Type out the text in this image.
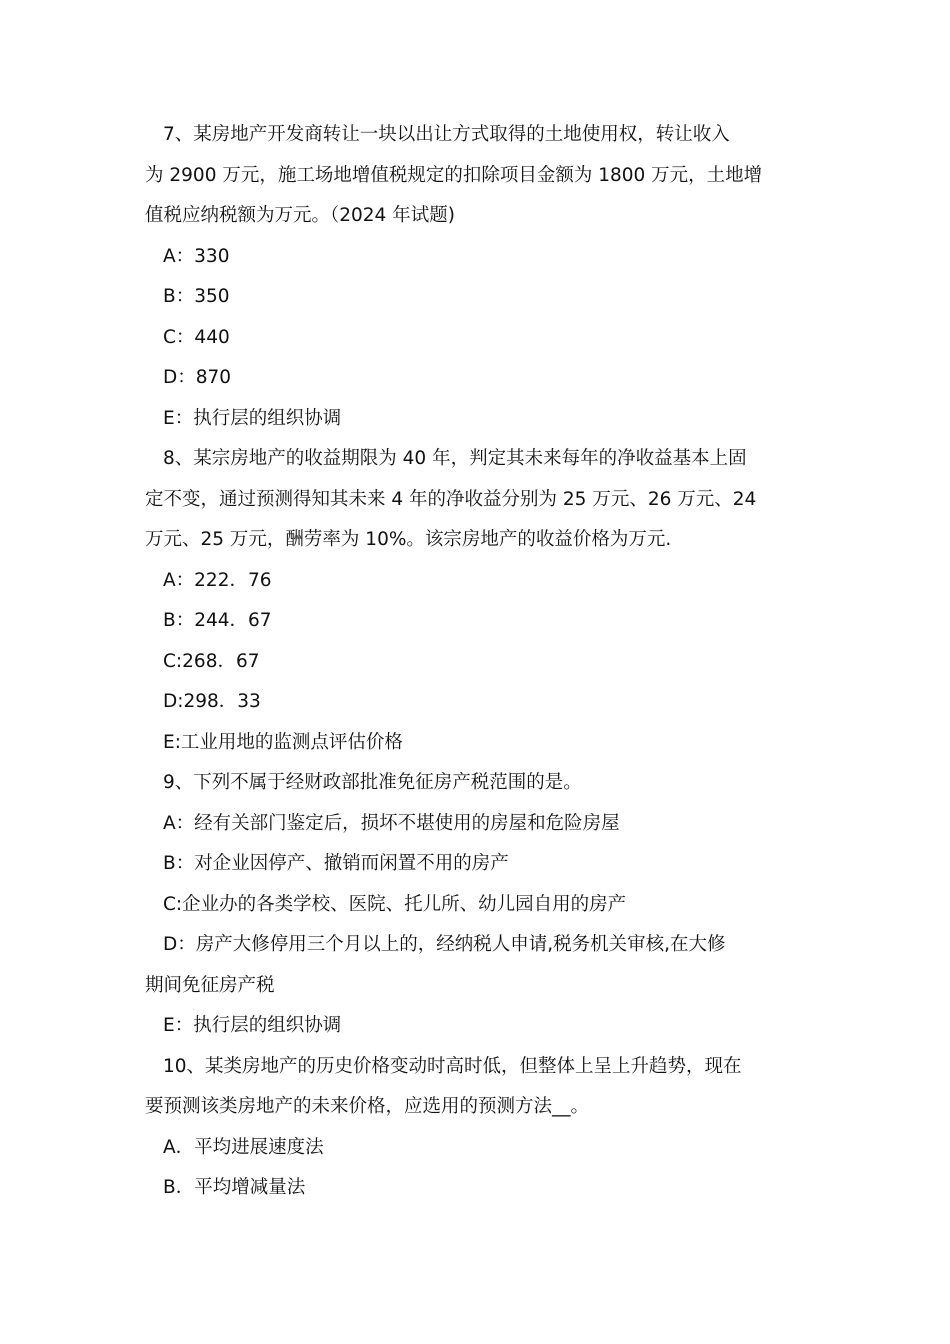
7、某房地产开发商转让一块以出让方式取得的土地使用权，转让收入
为 2900 万元，施工场地增值税规定的扣除项目金额为 1800 万元，土地增
值税应纳税额为万元。（2024 年试题)
A：330
B：350
C：440
D：870
E：执行层的组织协调
8、某宗房地产的收益期限为 40 年，判定其未来每年的净收益基本上固
定不变，通过预测得知其未来 4 年的净收益分别为 25 万元、26 万元、24
万元、25 万元，酬劳率为 10%。该宗房地产的收益价格为万元.
A：222．76
B：244．67
C:268．67
D:298．33
E:工业用地的监测点评估价格
9、下列不属于经财政部批准免征房产税范围的是。
A：经有关部门鉴定后，损坏不堪使用的房屋和危险房屋
B：对企业因停产、撤销而闲置不用的房产
C:企业办的各类学校、医院、托儿所、幼儿园自用的房产
D：房产大修停用三个月以上的，经纳税人申请,税务机关审核,在大修
期间免征房产税
E：执行层的组织协调
10、某类房地产的历史价格变动时高时低，但整体上呈上升趋势，现在
要预测该类房地产的未来价格，应选用的预测方法__。
A．平均进展速度法
B．平均增减量法
